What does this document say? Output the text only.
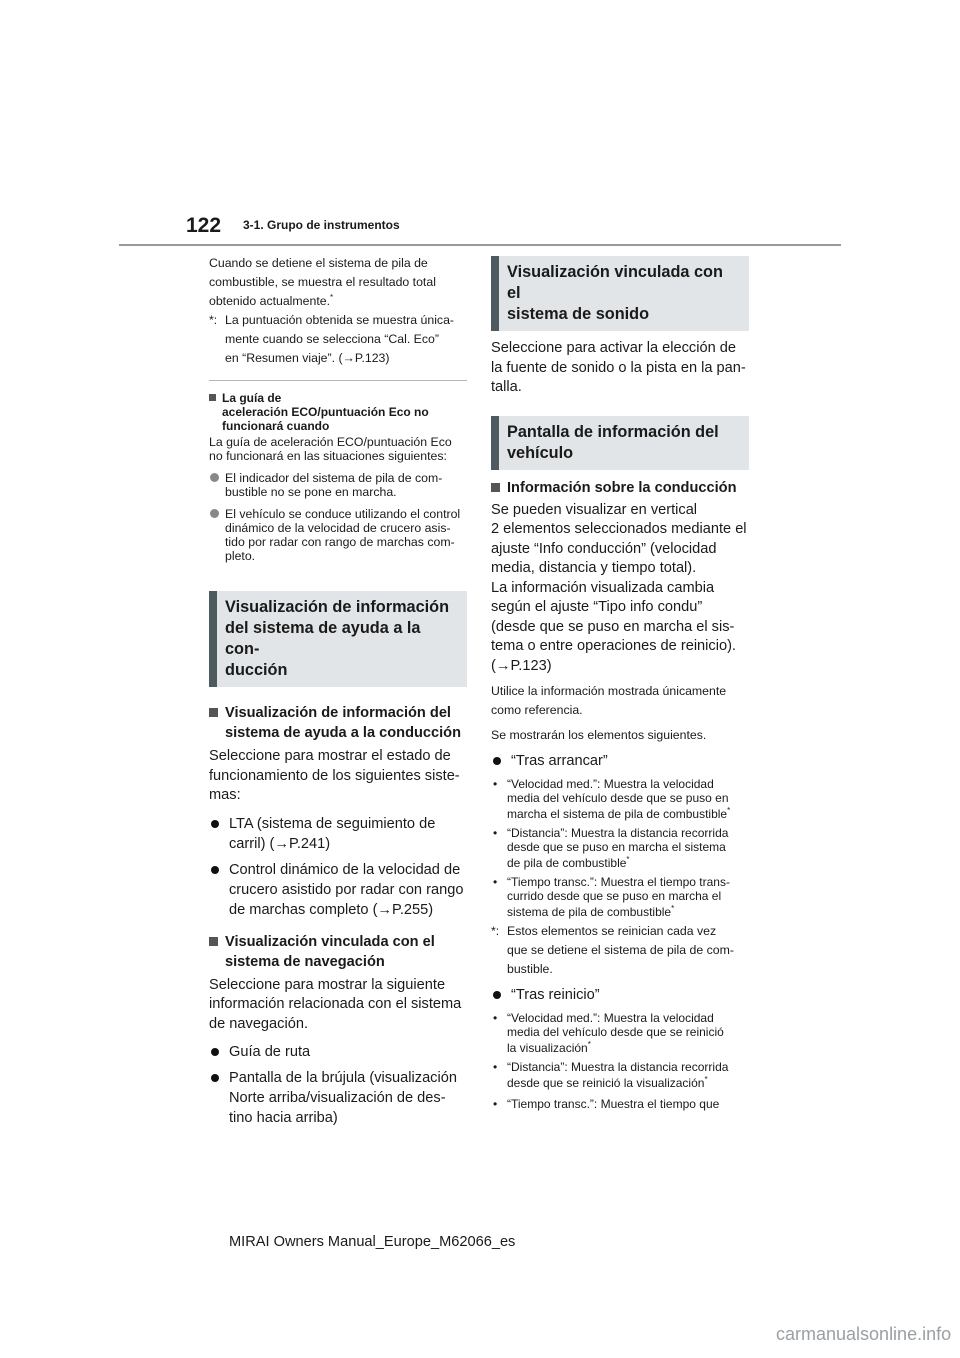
122 3-1. Grupo de instrumentos

Cuando se detiene el sistema de pila de

combustible, se muestra el resultado total

obtenido actualmente.*

*: La puntuación obtenida se muestra única-
mente cuando se selecciona “Cal. Eco”
en “Resumen viaje”. (→P.123)
La guía de
aceleración ECO/puntuación Eco no
funcionará cuando

La guía de aceleración ECO/puntuación Eco

no funcionará en las situaciones siguientes:

El indicador del sistema de pila de com-
bustible no se pone en marcha.
El vehículo se conduce utilizando el control
dinámico de la velocidad de crucero asis-
tido por radar con rango de marchas com-
pleto.
Visualización de información
del sistema de ayuda a la con-
ducción
Visualización de información del
sistema de ayuda a la conducción

Seleccione para mostrar el estado de

funcionamiento de los siguientes siste-

mas:

LTA (sistema de seguimiento de
carril) (→P.241)
Control dinámico de la velocidad de
crucero asistido por radar con rango
de marchas completo (→P.255)
Visualización vinculada con el
sistema de navegación

Seleccione para mostrar la siguiente

información relacionada con el sistema

de navegación.

Guía de ruta
Pantalla de la brújula (visualización
Norte arriba/visualización de des-
tino hacia arriba)
Visualización vinculada con el
sistema de sonido

Seleccione para activar la elección de

la fuente de sonido o la pista en la pan-

talla.

Pantalla de información del
vehículo
Información sobre la conducción

Se pueden visualizar en vertical

2 elementos seleccionados mediante el

ajuste “Info conducción” (velocidad

media, distancia y tiempo total).

La información visualizada cambia

según el ajuste “Tipo info condu”

(desde que se puso en marcha el sis-

tema o entre operaciones de reinicio).

(→P.123)

Utilice la información mostrada únicamente

como referencia.

Se mostrarán los elementos siguientes.

“Tras arrancar”
• “Velocidad med.”: Muestra la velocidad
media del vehículo desde que se puso en
marcha el sistema de pila de combustible*
• “Distancia”: Muestra la distancia recorrida
desde que se puso en marcha el sistema
de pila de combustible*
• “Tiempo transc.”: Muestra el tiempo trans-
currido desde que se puso en marcha el
sistema de pila de combustible*
*: Estos elementos se reinician cada vez
que se detiene el sistema de pila de com-
bustible.
“Tras reinicio”
• “Velocidad med.”: Muestra la velocidad
media del vehículo desde que se reinició
la visualización*
• “Distancia”: Muestra la distancia recorrida
desde que se reinició la visualización*
• “Tiempo transc.”: Muestra el tiempo que
MIRAI Owners Manual_Europe_M62066_es
carmanualsonline.info
